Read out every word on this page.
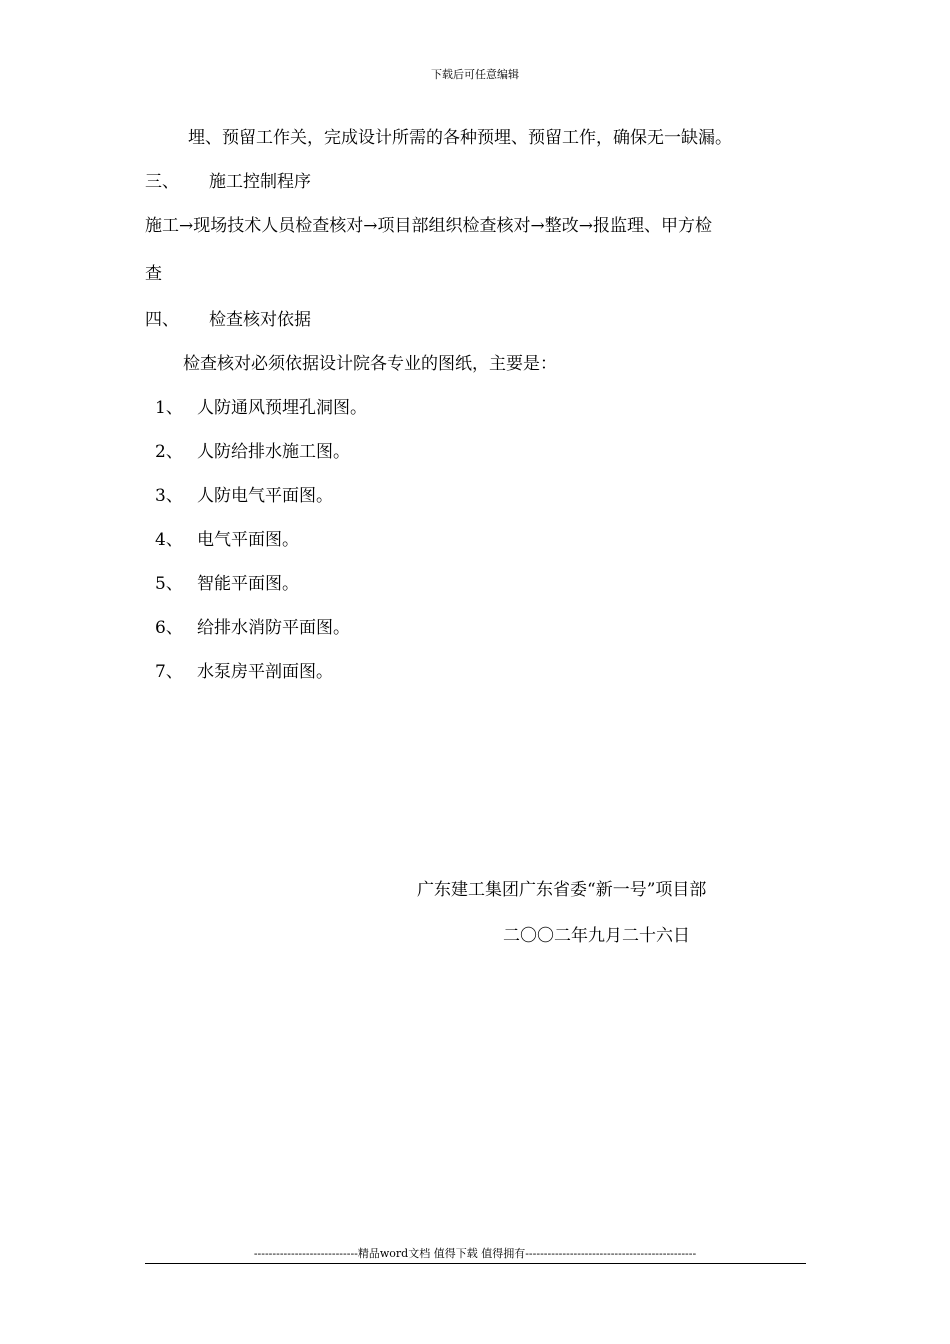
下载后可任意编辑
埋、预留工作关，完成设计所需的各种预埋、预留工作，确保无一缺漏。
三、 施工控制程序
施工→现场技术人员检查核对→项目部组织检查核对→整改→报监理、甲方检
查
四、 检查核对依据
检查核对必须依据设计院各专业的图纸，主要是：
1、 人防通风预埋孔洞图。
2、 人防给排水施工图。
3、 人防电气平面图。
4、 电气平面图。
5、 智能平面图。
6、 给排水消防平面图。
7、 水泵房平剖面图。
广东建工集团广东省委“新一号”项目部
二〇〇二年九月二十六日
----------------------------精品word文档 值得下载 值得拥有----------------------------------------------
